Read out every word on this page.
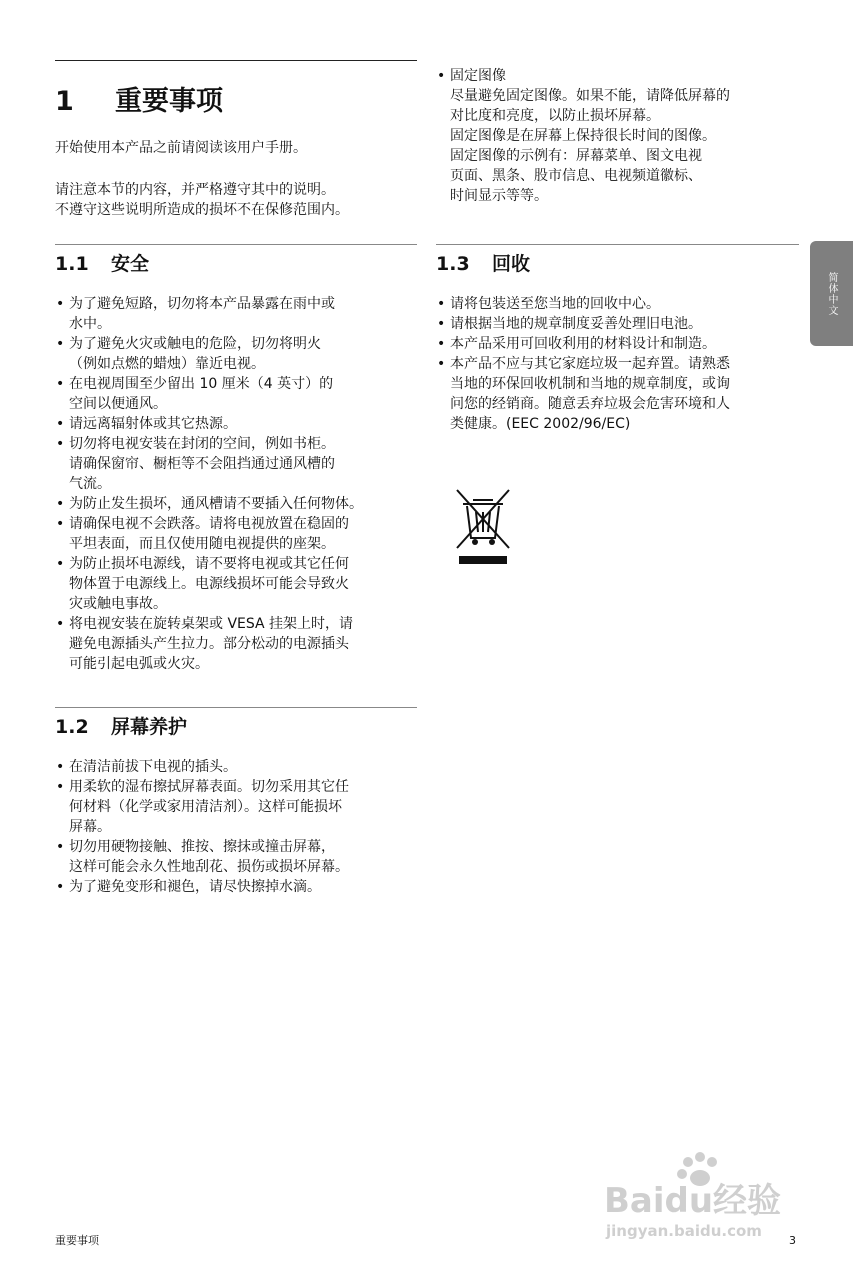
1	重要事项

开始使用本产品之前请阅读该用户手册。

请注意本节的内容，并严格遵守其中的说明。
不遵守这些说明所造成的损坏不在保修范围内。

1.1	安全
• 为了避免短路，切勿将本产品暴露在雨中或
水中。
• 为了避免火灾或触电的危险，切勿将明火
（例如点燃的蜡烛）靠近电视。
• 在电视周围至少留出 10 厘米（4 英寸）的
空间以便通风。
• 请远离辐射体或其它热源。
• 切勿将电视安装在封闭的空间，例如书柜。
请确保窗帘、橱柜等不会阻挡通过通风槽的
气流。
• 为防止发生损坏，通风槽请不要插入任何物体。
• 请确保电视不会跌落。请将电视放置在稳固的
平坦表面，而且仅使用随电视提供的座架。
• 为防止损坏电源线，请不要将电视或其它任何
物体置于电源线上。电源线损坏可能会导致火
灾或触电事故。
• 将电视安装在旋转桌架或 VESA 挂架上时，请
避免电源插头产生拉力。部分松动的电源插头
可能引起电弧或火灾。
1.2	屏幕养护
• 在清洁前拔下电视的插头。
• 用柔软的湿布擦拭屏幕表面。切勿采用其它任
何材料（化学或家用清洁剂）。这样可能损坏
屏幕。
• 切勿用硬物接触、推按、擦抹或撞击屏幕，
这样可能会永久性地刮花、损伤或损坏屏幕。
• 为了避免变形和褪色，请尽快擦掉水滴。
• 固定图像
尽量避免固定图像。如果不能，请降低屏幕的
对比度和亮度，以防止损坏屏幕。
固定图像是在屏幕上保持很长时间的图像。
固定图像的示例有：屏幕菜单、图文电视
页面、黑条、股市信息、电视频道徽标、
时间显示等等。
1.3	回收
• 请将包装送至您当地的回收中心。
• 请根据当地的规章制度妥善处理旧电池。
• 本产品采用可回收利用的材料设计和制造。
• 本产品不应与其它家庭垃圾一起弃置。请熟悉
当地的环保回收机制和当地的规章制度，或询
问您的经销商。随意丢弃垃圾会危害环境和人
类健康。(EEC 2002/96/EC)
简体中文
Baidu经验
jingyan.baidu.com
重要事项	3
